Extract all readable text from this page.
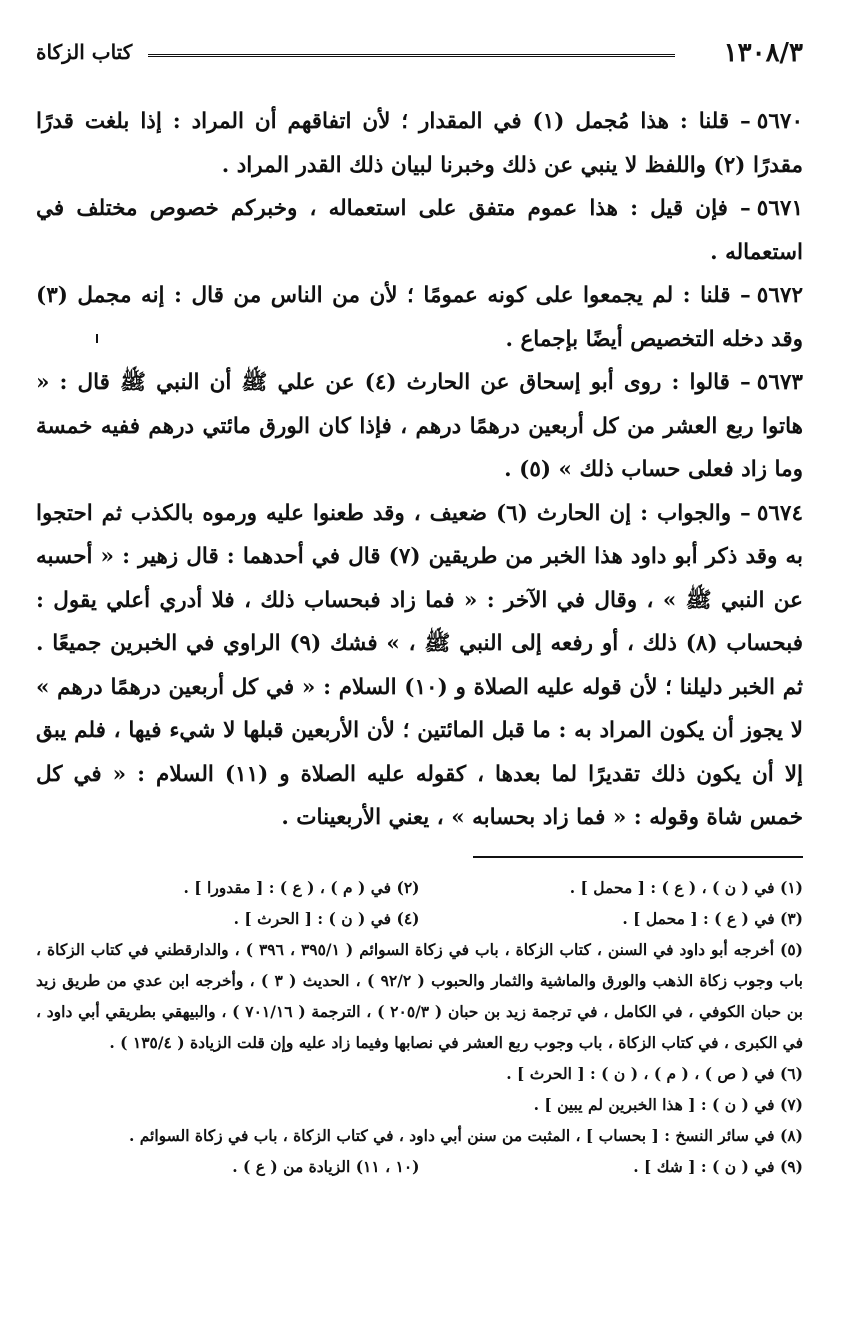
١٣٠٨/٣
كتاب الزكاة

٥٦٧٠– قلنا : هذا مُجمل (١) في المقدار ؛ لأن اتفاقهم أن المراد : إذا بلغت قدرًا مقدرًا (٢) واللفظ لا ينبي عن ذلك وخبرنا لبيان ذلك القدر المراد .

٥٦٧١– فإن قيل : هذا عموم متفق على استعماله ، وخبركم خصوص مختلف في استعماله .

٥٦٧٢– قلنا : لم يجمعوا على كونه عمومًا ؛ لأن من الناس من قال : إنه مجمل (٣) وقد دخله التخصيص أيضًا بإجماع .

٥٦٧٣– قالوا : روى أبو إسحاق عن الحارث (٤) عن علي ﷺ أن النبي ﷺ قال : « هاتوا ربع العشر من كل أربعين درهمًا درهم ، فإذا كان الورق مائتي درهم ففيه خمسة وما زاد فعلى حساب ذلك » (٥) .

٥٦٧٤– والجواب : إن الحارث (٦) ضعيف ، وقد طعنوا عليه ورموه بالكذب ثم احتجوا به وقد ذكر أبو داود هذا الخبر من طريقين (٧) قال في أحدهما : قال زهير : « أحسبه عن النبي ﷺ » ، وقال في الآخر : « فما زاد فبحساب ذلك ، فلا أدري أعلي يقول : فبحساب (٨) ذلك ، أو رفعه إلى النبي ﷺ ، » فشك (٩) الراوي في الخبرين جميعًا . ثم الخبر دليلنا ؛ لأن قوله عليه الصلاة و (١٠) السلام : « في كل أربعين درهمًا درهم » لا يجوز أن يكون المراد به : ما قبل المائتين ؛ لأن الأربعين قبلها لا شيء فيها ، فلم يبق إلا أن يكون ذلك تقديرًا لما بعدها ، كقوله عليه الصلاة و (١١) السلام : « في كل خمس شاة وقوله : « فما زاد بحسابه » ، يعني الأربعينات .

(١) في ( ن ) ، ( ع ) : [ محمل ] .
(٢) في ( م ) ، ( ع ) : [ مقدورا ] .
(٣) في ( ع ) : [ محمل ] .
(٤) في ( ن ) : [ الحرث ] .

(٥) أخرجه أبو داود في السنن ، كتاب الزكاة ، باب في زكاة السوائم ( ٣٩٥/١ ، ٣٩٦ ) ، والدارقطني في كتاب الزكاة ، باب وجوب زكاة الذهب والورق والماشية والثمار والحبوب ( ٩٢/٢ ) ، الحديث ( ٣ ) ، وأخرجه ابن عدي من طريق زيد بن حبان الكوفي ، في الكامل ، في ترجمة زيد بن حبان ( ٢٠٥/٣ ) ، الترجمة ( ٧٠١/١٦ ) ، والبيهقي بطريقي أبي داود ، في الكبرى ، في كتاب الزكاة ، باب وجوب ربع العشر في نصابها وفيما زاد عليه وإن قلت الزيادة ( ١٣٥/٤ ) .

(٦) في ( ص ) ، ( م ) ، ( ن ) : [ الحرث ] .

(٧) في ( ن ) : [ هذا الخبرين لم يبين ] .

(٨) في سائر النسخ : [ بحساب ] ، المثبت من سنن أبي داود ، في كتاب الزكاة ، باب في زكاة السوائم .

(٩) في ( ن ) : [ شك ] .
(١٠ ، ١١) الزيادة من ( ع ) .
